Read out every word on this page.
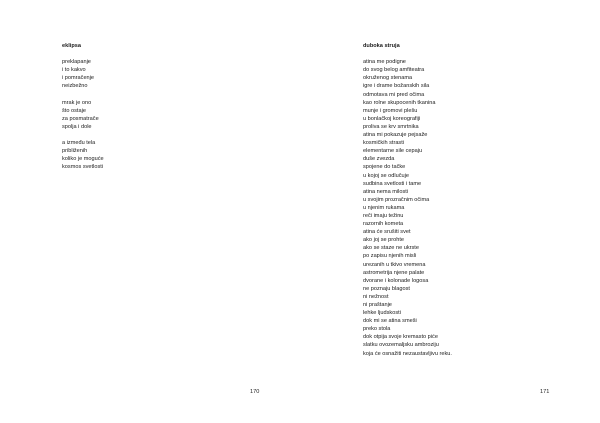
eklipsa
preklapanje
i to kakvo
i pomračenje
neizbežno
mrak je ono
što ostaje
za posmatrače
spolja i dole
a između tela
približenih
koliko je moguće
kosmos svetlosti
170
duboka struja
atina me podigne
do svog belog amfiteatra
okruženog stenama
igre i drame božanskih sila
odmotava mi pred očima
kao rolne skupocenih tkanina
munje i gromovi plešu
u bonlačkoj koreografiji
proliva se krv smrtnika
atina mi pokazuje pejsaže
kosmičkih strasti
elementarne sile cepaju
duše zvezda
spojene do tačke
u kojoj se odlučuje
sudbina svetlosti i tame
atina nema milosti
u svojim prozračnim očima
u njenim rukama
reči imaju težinu
razornih kometa
atina će srušiti svet
ako joj se prohte
ako se staze ne ukrste
po zapisu njenih misli
urezanih u tkivo vremena
astrometrija njene palate
dvorane i kolonade logosa
ne poznaju blagost
ni nežnost
ni praštanje
lehke ljudskosti
dok mi se atina smeši
preko stola
dok otpija svoje kremasto piće
slatku ovozemaljsku ambroziju
koja će osnažiti nezaustavljivu reku.
171
